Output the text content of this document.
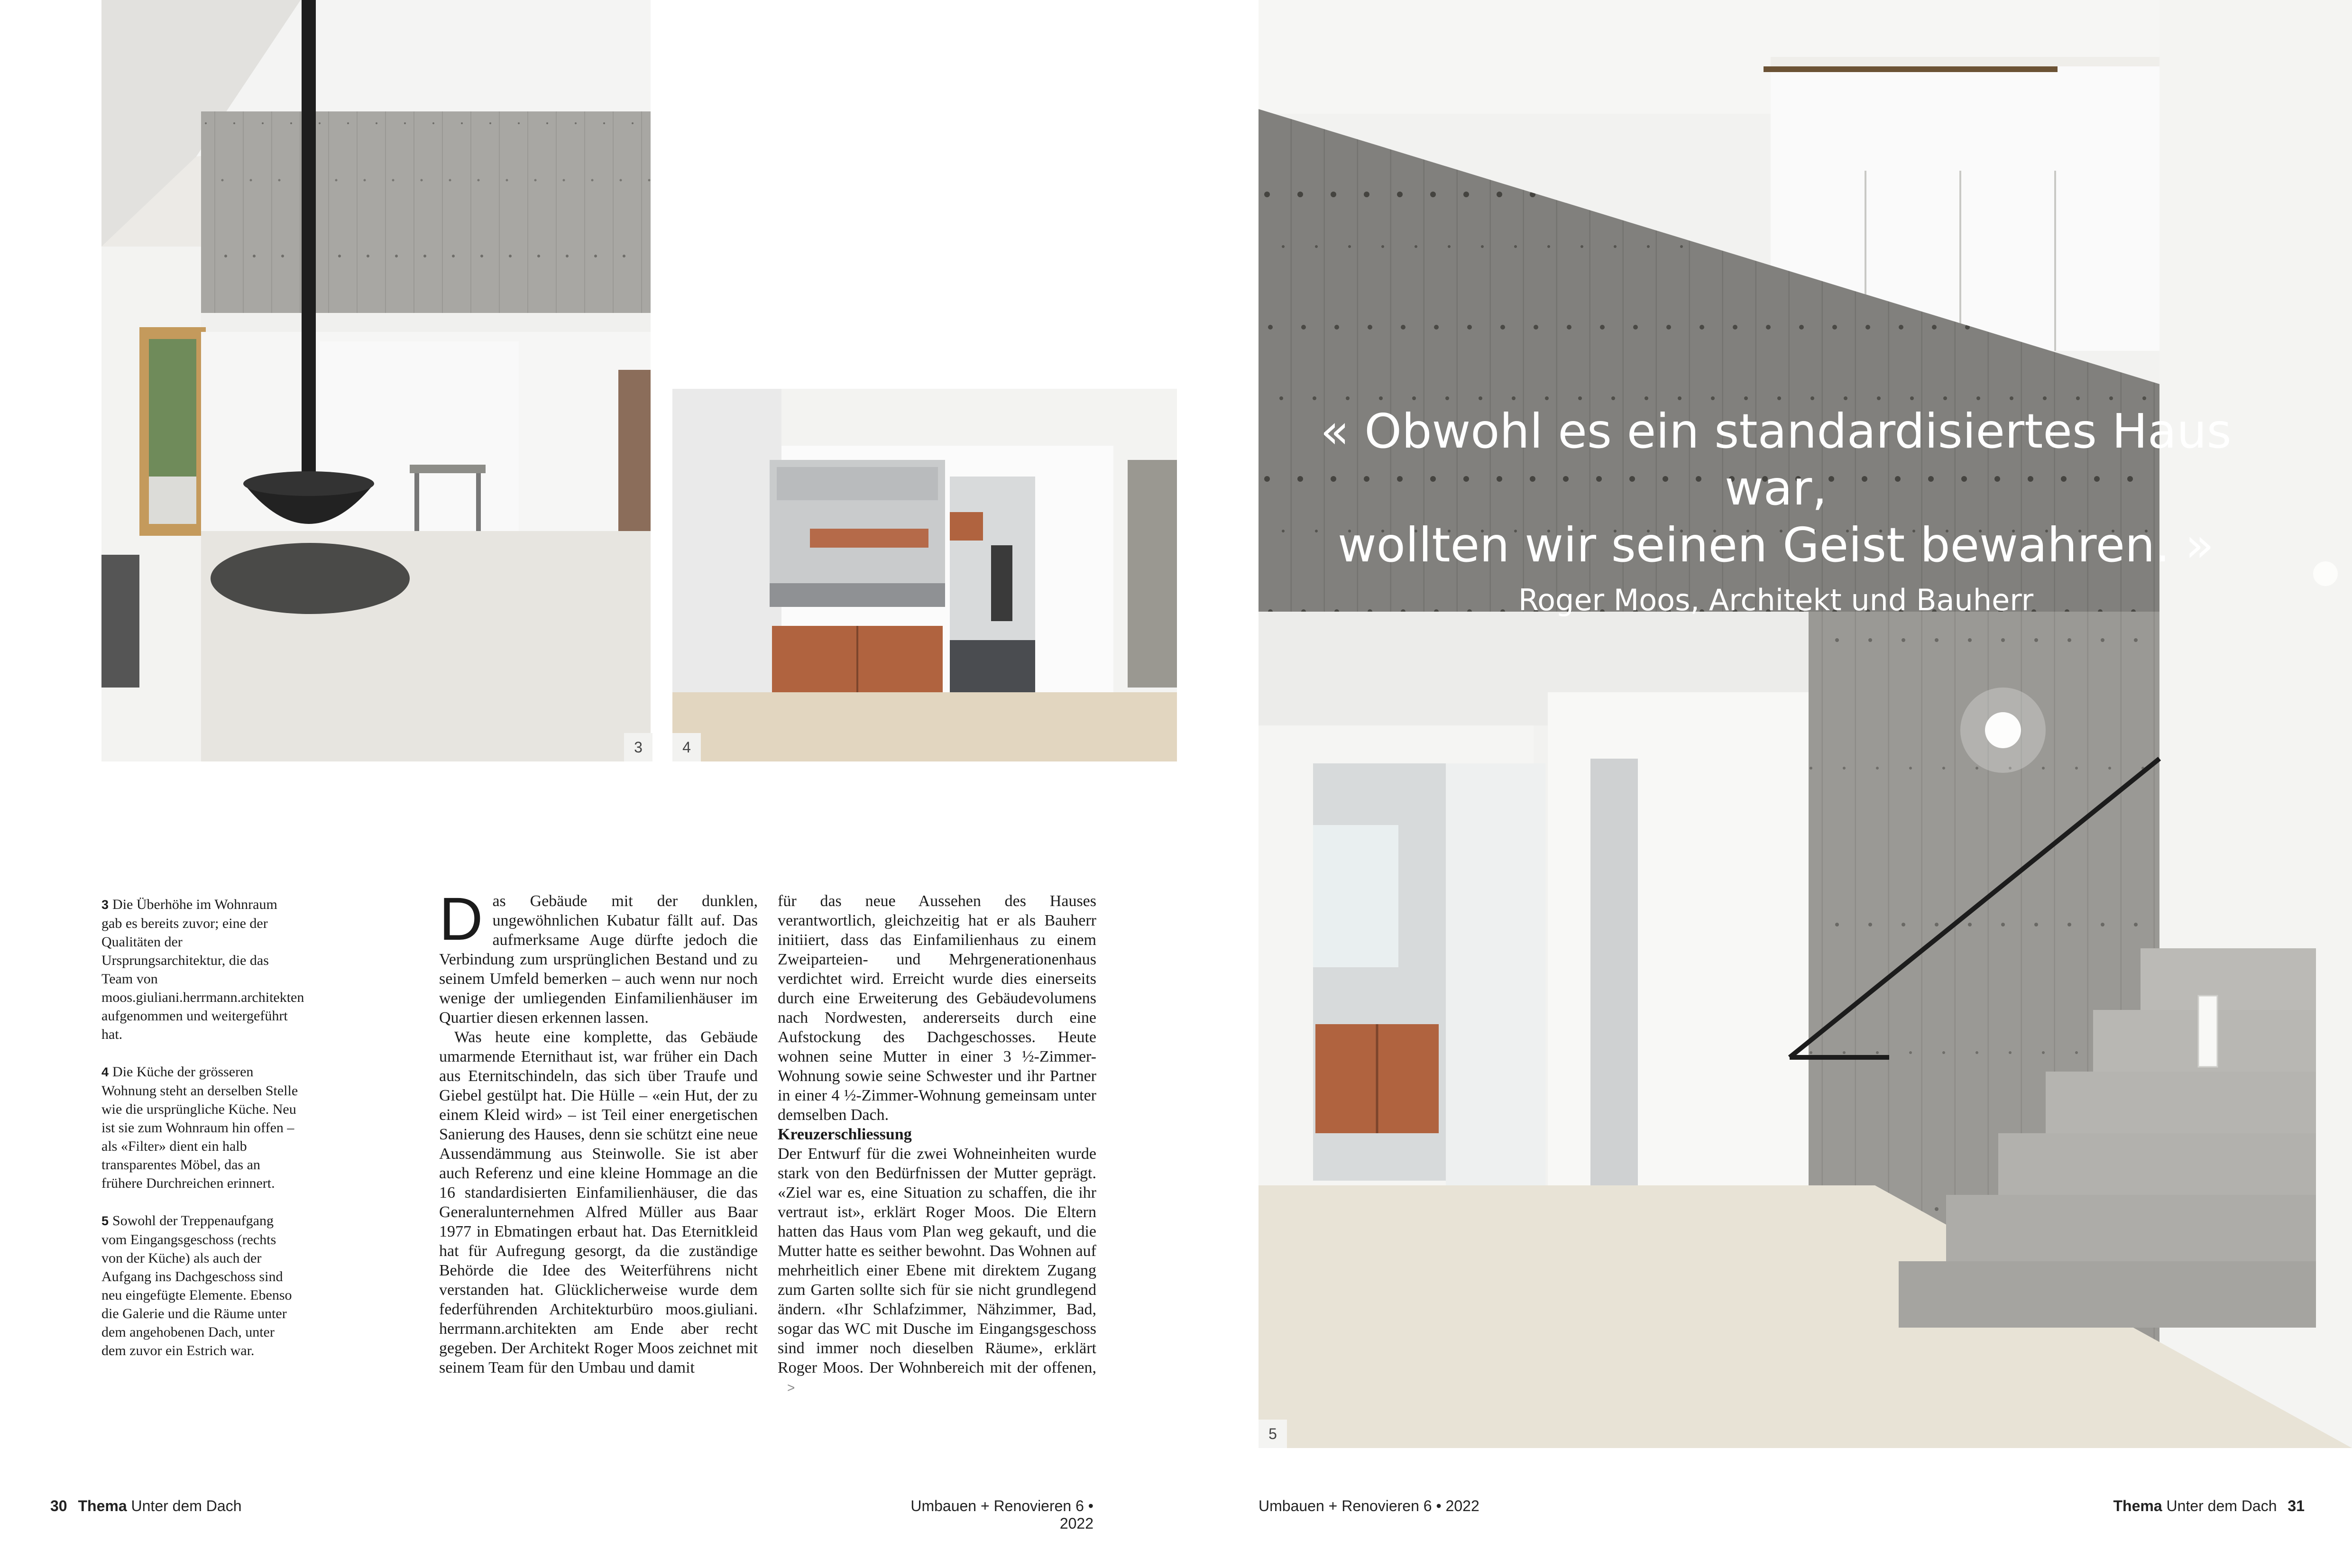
3	4
« Obwohl es ein standardisiertes Haus war,
wollten wir seinen Geist bewahren. »
Roger Moos, Architekt und Bauherr
5

3 Die Überhöhe im Wohnraum gab es bereits zuvor; eine der Qualitäten der Ursprungsarchitektur, die das Team von moos.giuliani.herrmann.architekten aufgenommen und weitergeführt hat.

4 Die Küche der grösseren Wohnung steht an derselben Stelle wie die ursprüngliche Küche. Neu ist sie zum Wohnraum hin offen – als «Filter» dient ein halb transparentes Möbel, das an frühere Durchreichen erinnert.

5 Sowohl der Treppenaufgang vom Eingangsgeschoss (rechts von der Küche) als auch der Aufgang ins Dachgeschoss sind neu eingefügte Elemente. Ebenso die Galerie und die Räume unter dem angehobenen Dach, unter dem zuvor ein Estrich war.

Das Gebäude mit der dunklen, ungewöhnlichen Kubatur fällt auf. Das aufmerksame Auge dürfte jedoch die Verbindung zum ursprünglichen Bestand und zu seinem Umfeld bemerken – auch wenn nur noch wenige der umliegenden Einfamilienhäuser im Quartier diesen erkennen lassen.

Was heute eine komplette, das Gebäude umarmende Eternithaut ist, war früher ein Dach aus Eternitschindeln, das sich über Traufe und Giebel gestülpt hat. Die Hülle – «ein Hut, der zu einem Kleid wird» – ist Teil einer energetischen Sanierung des Hauses, denn sie schützt eine neue Aussendämmung aus Steinwolle. Sie ist aber auch Referenz und eine kleine Hommage an die 16 standardisierten Einfamilienhäuser, die das Generalunternehmen Alfred Müller aus Baar 1977 in Ebmatingen erbaut hat. Das Eternitkleid hat für Aufregung gesorgt, da die zuständige Behörde die Idee des Weiterführens nicht verstanden hat. Glücklicherweise wurde dem federführenden Architekturbüro moos.giuliani. herrmann.architekten am Ende aber recht gegeben. Der Architekt Roger Moos zeichnet mit seinem Team für den Umbau und damit

für das neue Aussehen des Hauses verantwortlich, gleichzeitig hat er als Bauherr initiiert, dass das Einfamilienhaus zu einem Zweiparteien- und Mehrgenerationenhaus verdichtet wird. Erreicht wurde dies einerseits durch eine Erweiterung des Gebäudevolumens nach Nordwesten, andererseits durch eine Aufstockung des Dachgeschosses. Heute wohnen seine Mutter in einer 3 ½-Zimmer-Wohnung sowie seine Schwester und ihr Partner in einer 4 ½-Zimmer-Wohnung gemeinsam unter demselben Dach.

Kreuzerschliessung

Der Entwurf für die zwei Wohneinheiten wurde stark von den Bedürfnissen der Mutter geprägt. «Ziel war es, eine Situation zu schaffen, die ihr vertraut ist», erklärt Roger Moos. Die Eltern hatten das Haus vom Plan weg gekauft, und die Mutter hatte es seither bewohnt. Das Wohnen auf mehrheitlich einer Ebene mit direktem Zugang zum Garten sollte sich für sie nicht grundlegend ändern. «Ihr Schlafzimmer, Nähzimmer, Bad, sogar das WC mit Dusche im Eingangsgeschoss sind immer noch dieselben Räume», erklärt Roger Moos. Der Wohnbereich mit der offenen, >

30 Thema Unter dem Dach	Umbauen + Renovieren 6 • 2022
Umbauen + Renovieren 6 • 2022	Thema Unter dem Dach 31
